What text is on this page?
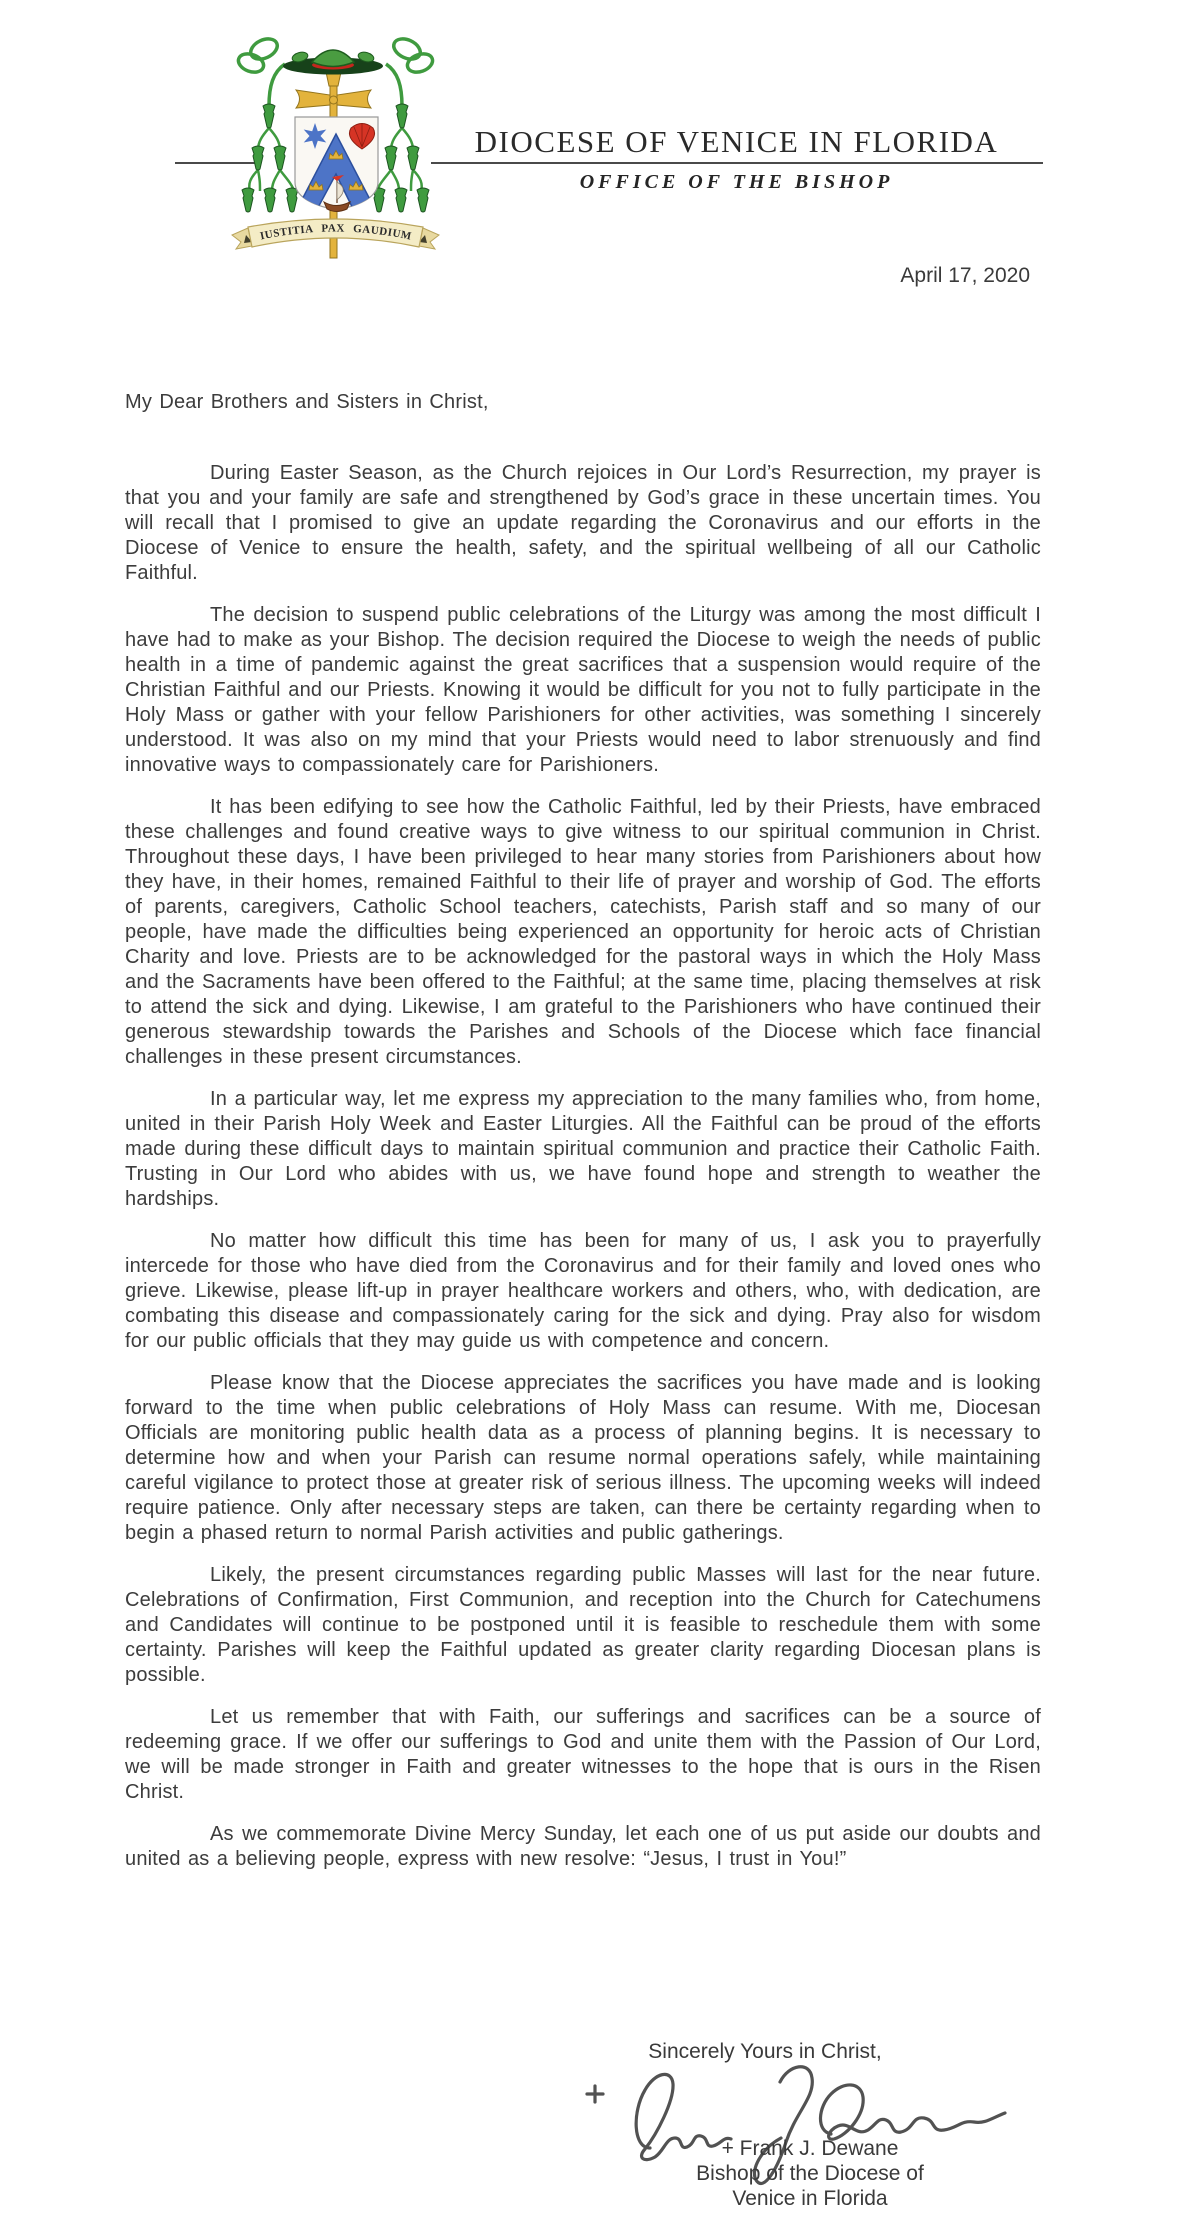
DIOCESE OF VENICE IN FLORIDA
OFFICE OF THE BISHOP
IUSTITIA PAX GAUDIUM
April 17, 2020
My Dear Brothers and Sisters in Christ,

During Easter Season, as the Church rejoices in Our Lord’s Resurrection, my prayer is that you and your family are safe and strengthened by God’s grace in these uncertain times. You will recall that I promised to give an update regarding the Coronavirus and our efforts in the Diocese of Venice to ensure the health, safety, and the spiritual wellbeing of all our Catholic Faithful.

The decision to suspend public celebrations of the Liturgy was among the most difficult I have had to make as your Bishop. The decision required the Diocese to weigh the needs of public health in a time of pandemic against the great sacrifices that a suspension would require of the Christian Faithful and our Priests. Knowing it would be difficult for you not to fully participate in the Holy Mass or gather with your fellow Parishioners for other activities, was something I sincerely understood. It was also on my mind that your Priests would need to labor strenuously and find innovative ways to compassionately care for Parishioners.

It has been edifying to see how the Catholic Faithful, led by their Priests, have embraced these challenges and found creative ways to give witness to our spiritual communion in Christ. Throughout these days, I have been privileged to hear many stories from Parishioners about how they have, in their homes, remained Faithful to their life of prayer and worship of God. The efforts of parents, caregivers, Catholic School teachers, catechists, Parish staff and so many of our people, have made the difficulties being experienced an opportunity for heroic acts of Christian Charity and love. Priests are to be acknowledged for the pastoral ways in which the Holy Mass and the Sacraments have been offered to the Faithful; at the same time, placing themselves at risk to attend the sick and dying. Likewise, I am grateful to the Parishioners who have continued their generous stewardship towards the Parishes and Schools of the Diocese which face financial challenges in these present circumstances.

In a particular way, let me express my appreciation to the many families who, from home, united in their Parish Holy Week and Easter Liturgies. All the Faithful can be proud of the efforts made during these difficult days to maintain spiritual communion and practice their Catholic Faith. Trusting in Our Lord who abides with us, we have found hope and strength to weather the hardships.

No matter how difficult this time has been for many of us, I ask you to prayerfully intercede for those who have died from the Coronavirus and for their family and loved ones who grieve. Likewise, please lift-up in prayer healthcare workers and others, who, with dedication, are combating this disease and compassionately caring for the sick and dying. Pray also for wisdom for our public officials that they may guide us with competence and concern.

Please know that the Diocese appreciates the sacrifices you have made and is looking forward to the time when public celebrations of Holy Mass can resume. With me, Diocesan Officials are monitoring public health data as a process of planning begins. It is necessary to determine how and when your Parish can resume normal operations safely, while maintaining careful vigilance to protect those at greater risk of serious illness. The upcoming weeks will indeed require patience. Only after necessary steps are taken, can there be certainty regarding when to begin a phased return to normal Parish activities and public gatherings.

Likely, the present circumstances regarding public Masses will last for the near future. Celebrations of Confirmation, First Communion, and reception into the Church for Catechumens and Candidates will continue to be postponed until it is feasible to reschedule them with some certainty. Parishes will keep the Faithful updated as greater clarity regarding Diocesan plans is possible.

Let us remember that with Faith, our sufferings and sacrifices can be a source of redeeming grace. If we offer our sufferings to God and unite them with the Passion of Our Lord, we will be made stronger in Faith and greater witnesses to the hope that is ours in the Risen Christ.

As we commemorate Divine Mercy Sunday, let each one of us put aside our doubts and united as a believing people, express with new resolve: “Jesus, I trust in You!”

Sincerely Yours in Christ,
+ Frank J. Dewane
Bishop of the Diocese of
Venice in Florida
